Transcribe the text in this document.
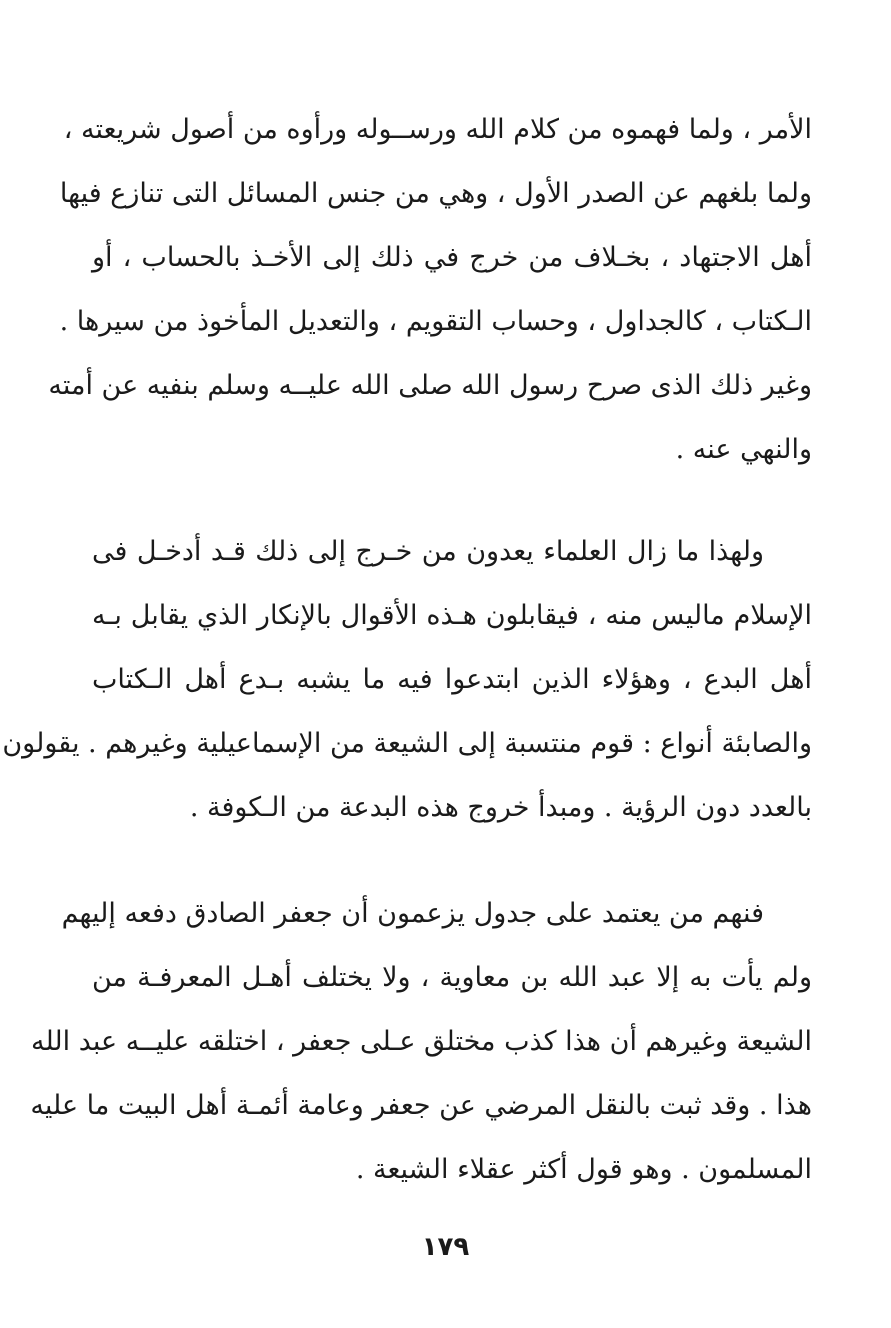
الأمر ، ولما فهموه من كلام الله ورســوله ورأوه من أصول شريعته ،
ولما بلغهم عن الصدر الأول ، وهي من جنس المسائل التى تنازع فيها
أهل الاجتهاد ، بخـلاف من خرج في ذلك إلى الأخـذ بالحساب ، أو
الـكتاب ، كالجداول ، وحساب التقويم ، والتعديل المأخوذ من سيرها .
وغير ذلك الذى صرح رسول الله صلى الله عليــه وسلم بنفيه عن أمته
والنهي عنه .
ولهذا ما زال العلماء يعدون من خـرج إلى ذلك قـد أدخـل فى
الإسلام ماليس منه ، فيقابلون هـذه الأقوال بالإنكار الذي يقابل بـه
أهل البدع ، وهؤلاء الذين ابتدعوا فيه ما يشبه بـدع أهل الـكتاب
والصابئة أنواع : قوم منتسبة إلى الشيعة من الإسماعيلية وغيرهم . يقولون
بالعدد دون الرؤية . ومبدأ خروج هذه البدعة من الـكوفة .
فنهم من يعتمد على جدول يزعمون أن جعفر الصادق دفعه إليهم
ولم يأت به إلا عبد الله بن معاوية ، ولا يختلف أهـل المعرفـة من
الشيعة وغيرهم أن هذا كذب مختلق عـلى جعفر ، اختلقه عليــه عبد الله
هذا . وقد ثبت بالنقل المرضي عن جعفر وعامة أئمـة أهل البيت ما عليه
المسلمون . وهو قول أكثر عقلاء الشيعة .
١٧٩
